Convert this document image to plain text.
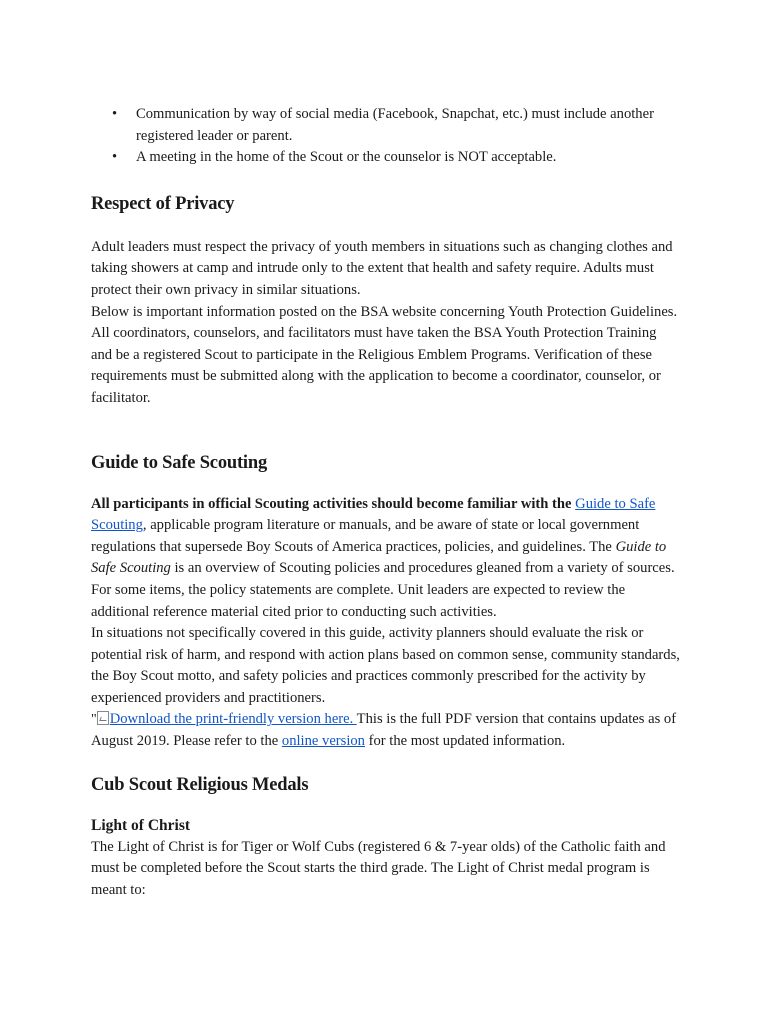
• Communication by way of social media (Facebook, Snapchat, etc.) must include another registered leader or parent.
• A meeting in the home of the Scout or the counselor is NOT acceptable.
Respect of Privacy

Adult leaders must respect the privacy of youth members in situations such as changing clothes and taking showers at camp and intrude only to the extent that health and safety require. Adults must protect their own privacy in similar situations.

Below is important information posted on the BSA website concerning Youth Protection Guidelines. All coordinators, counselors, and facilitators must have taken the BSA Youth Protection Training and be a registered Scout to participate in the Religious Emblem Programs. Verification of these requirements must be submitted along with the application to become a coordinator, counselor, or facilitator.

Guide to Safe Scouting

All participants in official Scouting activities should become familiar with the Guide to Safe Scouting, applicable program literature or manuals, and be aware of state or local government regulations that supersede Boy Scouts of America practices, policies, and guidelines. The Guide to Safe Scouting is an overview of Scouting policies and procedures gleaned from a variety of sources. For some items, the policy statements are complete. Unit leaders are expected to review the additional reference material cited prior to conducting such activities.

In situations not specifically covered in this guide, activity planners should evaluate the risk or potential risk of harm, and respond with action plans based on common sense, community standards, the Boy Scout motto, and safety policies and practices commonly prescribed for the activity by experienced providers and practitioners.

" Download the print-friendly version here. This is the full PDF version that contains updates as of August 2019. Please refer to the online version for the most updated information.

Cub Scout Religious Medals
Light of Christ

The Light of Christ is for Tiger or Wolf Cubs (registered 6 & 7-year olds) of the Catholic faith and must be completed before the Scout starts the third grade. The Light of Christ medal program is meant to:
